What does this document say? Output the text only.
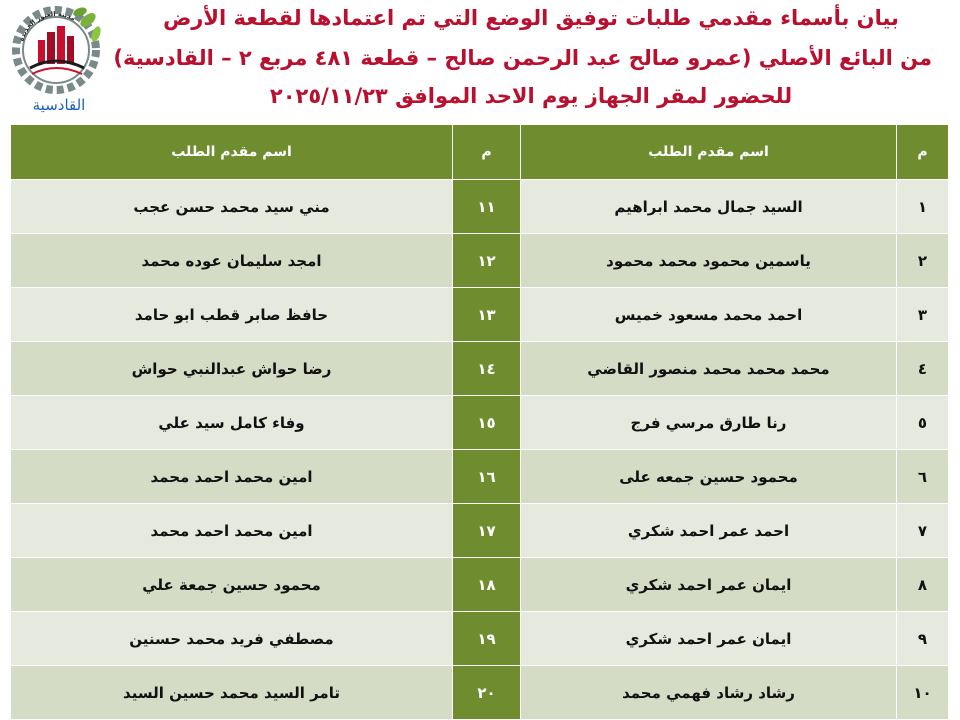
مدينة العبور الجديدة
القادسية
بيان بأسماء مقدمي طلبات توفيق الوضع التي تم اعتمادها لقطعة الأرض
من البائع الأصلي (عمرو صالح عبد الرحمن صالح – قطعة ٤٨١ مربع ٢ – القادسية)
للحضور لمقر الجهاز يوم الاحد الموافق ٢٠٢٥/١١/٢٣
م	اسم مقدم الطلب	م	اسم مقدم الطلب
١	السيد جمال محمد ابراهيم	١١	مني سيد محمد حسن عجب
٢	ياسمين محمود محمد محمود	١٢	امجد سليمان عوده محمد
٣	احمد محمد مسعود خميس	١٣	حافظ صابر قطب ابو حامد
٤	محمد محمد محمد منصور القاضي	١٤	رضا حواش عبدالنبي حواش
٥	رنا طارق مرسي فرج	١٥	وفاء كامل سيد علي
٦	محمود حسين جمعه على	١٦	امين محمد احمد محمد
٧	احمد عمر احمد شكري	١٧	امين محمد احمد محمد
٨	ايمان عمر احمد شكري	١٨	محمود حسين جمعة علي
٩	ايمان عمر احمد شكري	١٩	مصطفي فريد محمد حسنين
١٠	رشاد رشاد فهمي محمد	٢٠	تامر السيد محمد حسين السيد
